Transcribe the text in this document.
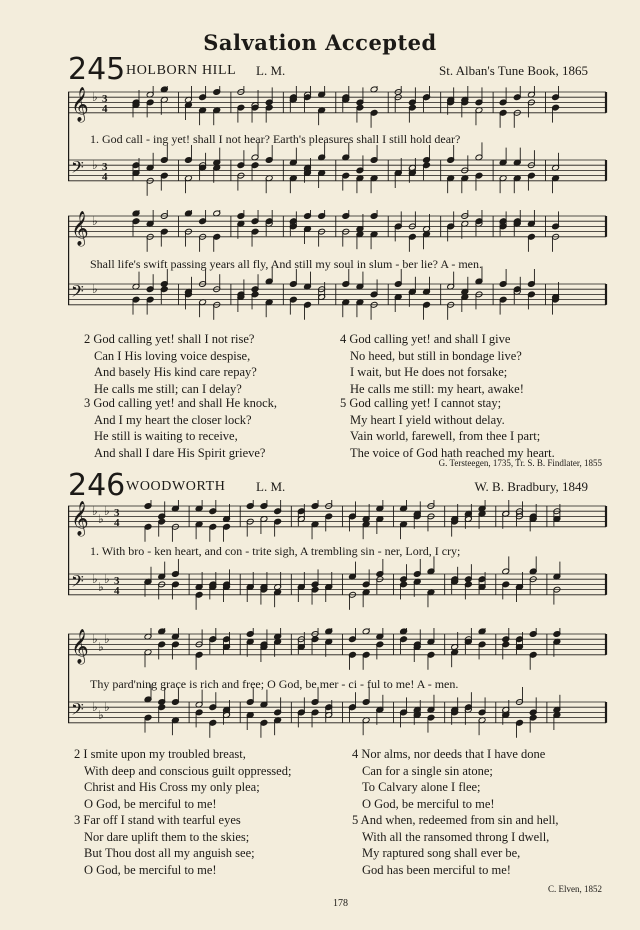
Salvation Accepted
245 HOLBORN HILL L. M.	St. Alban's Tune Book, 1865
𝄞 ♭ 3
4
𝄢 ♭ 3
4
1. God call - ing yet! shall I not hear? Earth's pleasures shall I still hold dear?
𝄞 ♭
𝄢 ♭
Shall life's swift passing years all fly, And still my soul in slum - ber lie? A - men.
2 God calling yet! shall I not rise?
Can I His loving voice despise,
And basely His kind care repay?
He calls me still; can I delay?
3 God calling yet! and shall He knock,
And I my heart the closer lock?
He still is waiting to receive,
And shall I dare His Spirit grieve?
4 God calling yet! and shall I give
No heed, but still in bondage live?
I wait, but He does not forsake;
He calls me still: my heart, awake!
5 God calling yet! I cannot stay;
My heart I yield without delay.
Vain world, farewell, from thee I part;
The voice of God hath reached my heart.
G. Tersteegen, 1735, Tr. S. B. Findlater, 1855
246 WOODWORTH L. M.	W. B. Bradbury, 1849
𝄞 ♭
♭
♭ 3
4
𝄢 ♭
♭
♭ 3
4
1. With bro - ken heart, and con - trite sigh, A trembling sin - ner, Lord, I cry;
𝄞 ♭
♭
♭
𝄢 ♭
♭
♭
Thy pard'ning grace is rich and free; O God, be mer - ci - ful to me! A - men.
2 I smite upon my troubled breast,
With deep and conscious guilt oppressed;
Christ and His Cross my only plea;
O God, be merciful to me!
3 Far off I stand with tearful eyes
Nor dare uplift them to the skies;
But Thou dost all my anguish see;
O God, be merciful to me!
4 Nor alms, nor deeds that I have done
Can for a single sin atone;
To Calvary alone I flee;
O God, be merciful to me!
5 And when, redeemed from sin and hell,
With all the ransomed throng I dwell,
My raptured song shall ever be,
God has been merciful to me!
C. Elven, 1852
178
